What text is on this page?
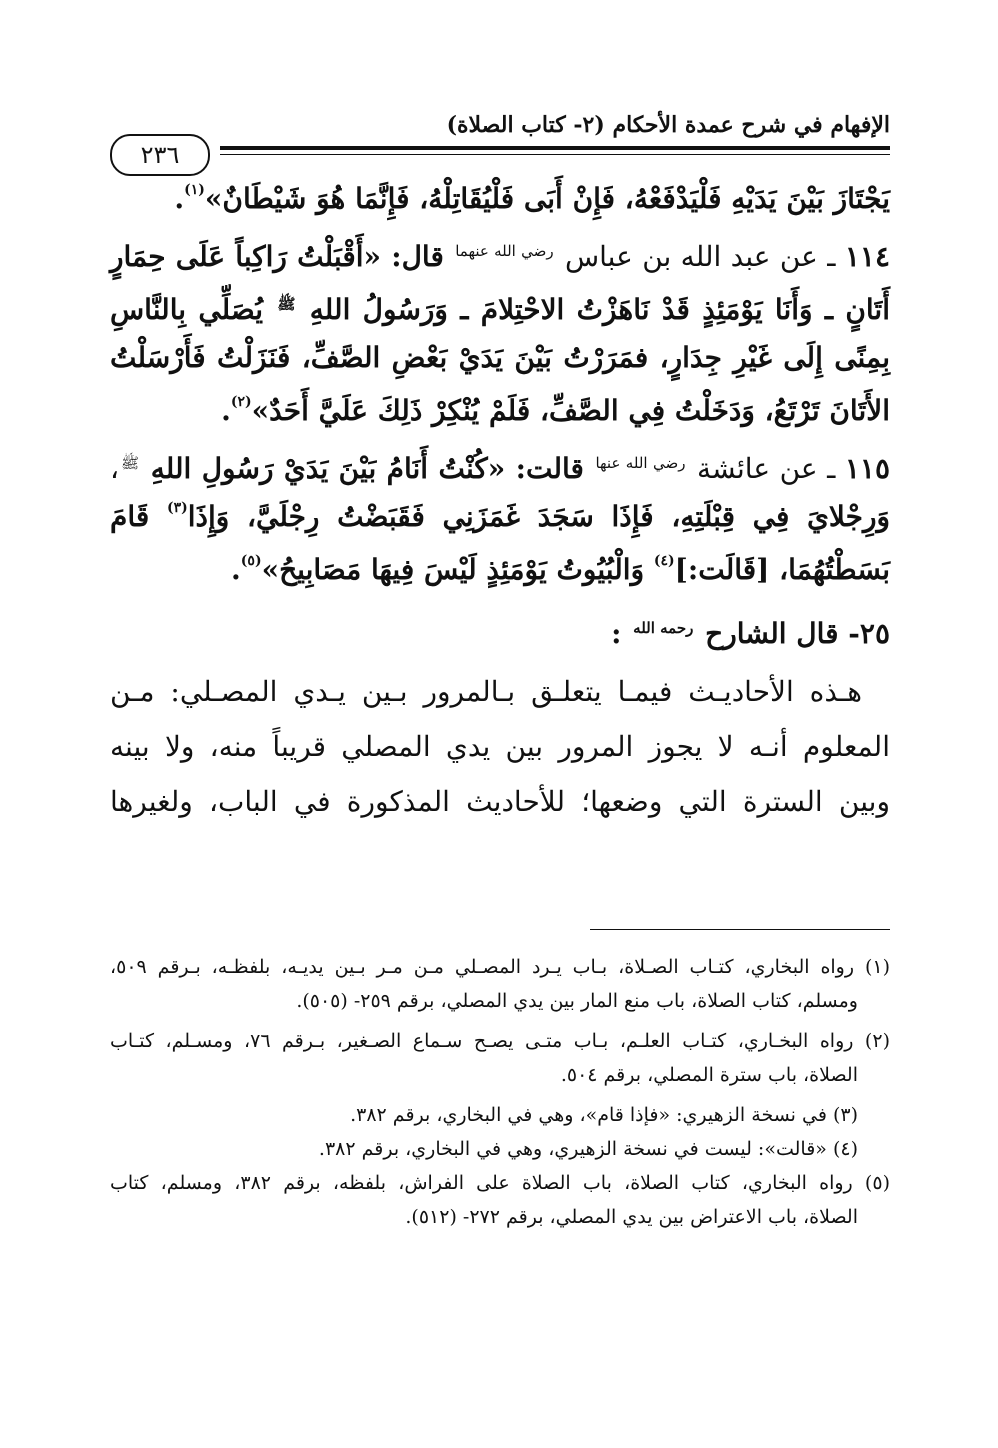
الإفهام في شرح عمدة الأحكام (٢- كتاب الصلاة)
٢٣٦
يَجْتَازَ بَيْنَ يَدَيْهِ فَلْيَدْفَعْهُ، فَإِنْ أَبَى فَلْيُقَاتِلْهُ، فَإِنَّمَا هُوَ شَيْطَانٌ»$^{(١)}$.
١١٤ ـ عن عبد الله بن عباس $^{رضي الله عنهما}$ قال: «أَقْبَلْتُ رَاكِباً عَلَى حِمَارٍ
أَتَانٍ ـ وَأَنَا يَوْمَئِذٍ قَدْ نَاهَزْتُ الاحْتِلامَ ـ وَرَسُولُ اللهِ $^ﷺ$ يُصَلِّي بِالنَّاسِ
بِمِنًى إِلَى غَيْرِ جِدَارٍ، فمَرَرْتُ بَيْنَ يَدَيْ بَعْضِ الصَّفِّ، فَنَزَلْتُ فَأَرْسَلْتُ
الأَتَانَ تَرْتَعُ، وَدَخَلْتُ فِي الصَّفِّ، فَلَمْ يُنْكِرْ ذَلِكَ عَلَيَّ أَحَدٌ»$^{(٢)}$.
١١٥ ـ عن عائشة $^{رضي الله عنها}$ قالت: «كُنْتُ أَنَامُ بَيْنَ يَدَيْ رَسُولِ اللهِ $^ﷺ$،
وَرِجْلايَ فِي قِبْلَتِهِ، فَإِذَا سَجَدَ غَمَزَنِي فَقَبَضْتُ رِجْلَيَّ، وَإِذَا$^{(٣)}$ قَامَ
بَسَطْتُهُمَا، [قَالَت:]$^{(٤)}$ وَالْبُيُوتُ يَوْمَئِذٍ لَيْسَ فِيهَا مَصَابِيحُ»$^{(٥)}$.
٢٥- قال الشارح $^{رحمه الله}$ :
هـذه الأحاديـث فيمـا يتعلـق بـالمرور بـين يـدي المصـلي: مـن
المعلوم أنـه لا يجوز المرور بين يدي المصلي قريباً منه، ولا بينه
وبين السترة التي وضعها؛ للأحاديث المذكورة في الباب، ولغيرها
(١) رواه البخاري، كتـاب الصـلاة، بـاب يـرد المصـلي مـن مـر بـين يديـه، بلفظـه، بـرقم ٥٠٩،
ومسلم، كتاب الصلاة، باب منع المار بين يدي المصلي، برقم ٢٥٩- (٥٠٥).
(٢) رواه البخـاري، كتـاب العلـم، بـاب متـى يصـح سـماع الصـغير، بـرقم ٧٦، ومسـلم، كتـاب
الصلاة، باب سترة المصلي، برقم ٥٠٤.
(٣) في نسخة الزهيري: «فإذا قام»، وهي في البخاري، برقم ٣٨٢.
(٤) «قالت»: ليست في نسخة الزهيري، وهي في البخاري، برقم ٣٨٢.
(٥) رواه البخاري، كتاب الصلاة، باب الصلاة على الفراش، بلفظه، برقم ٣٨٢، ومسلم، كتاب
الصلاة، باب الاعتراض بين يدي المصلي، برقم ٢٧٢- (٥١٢).
